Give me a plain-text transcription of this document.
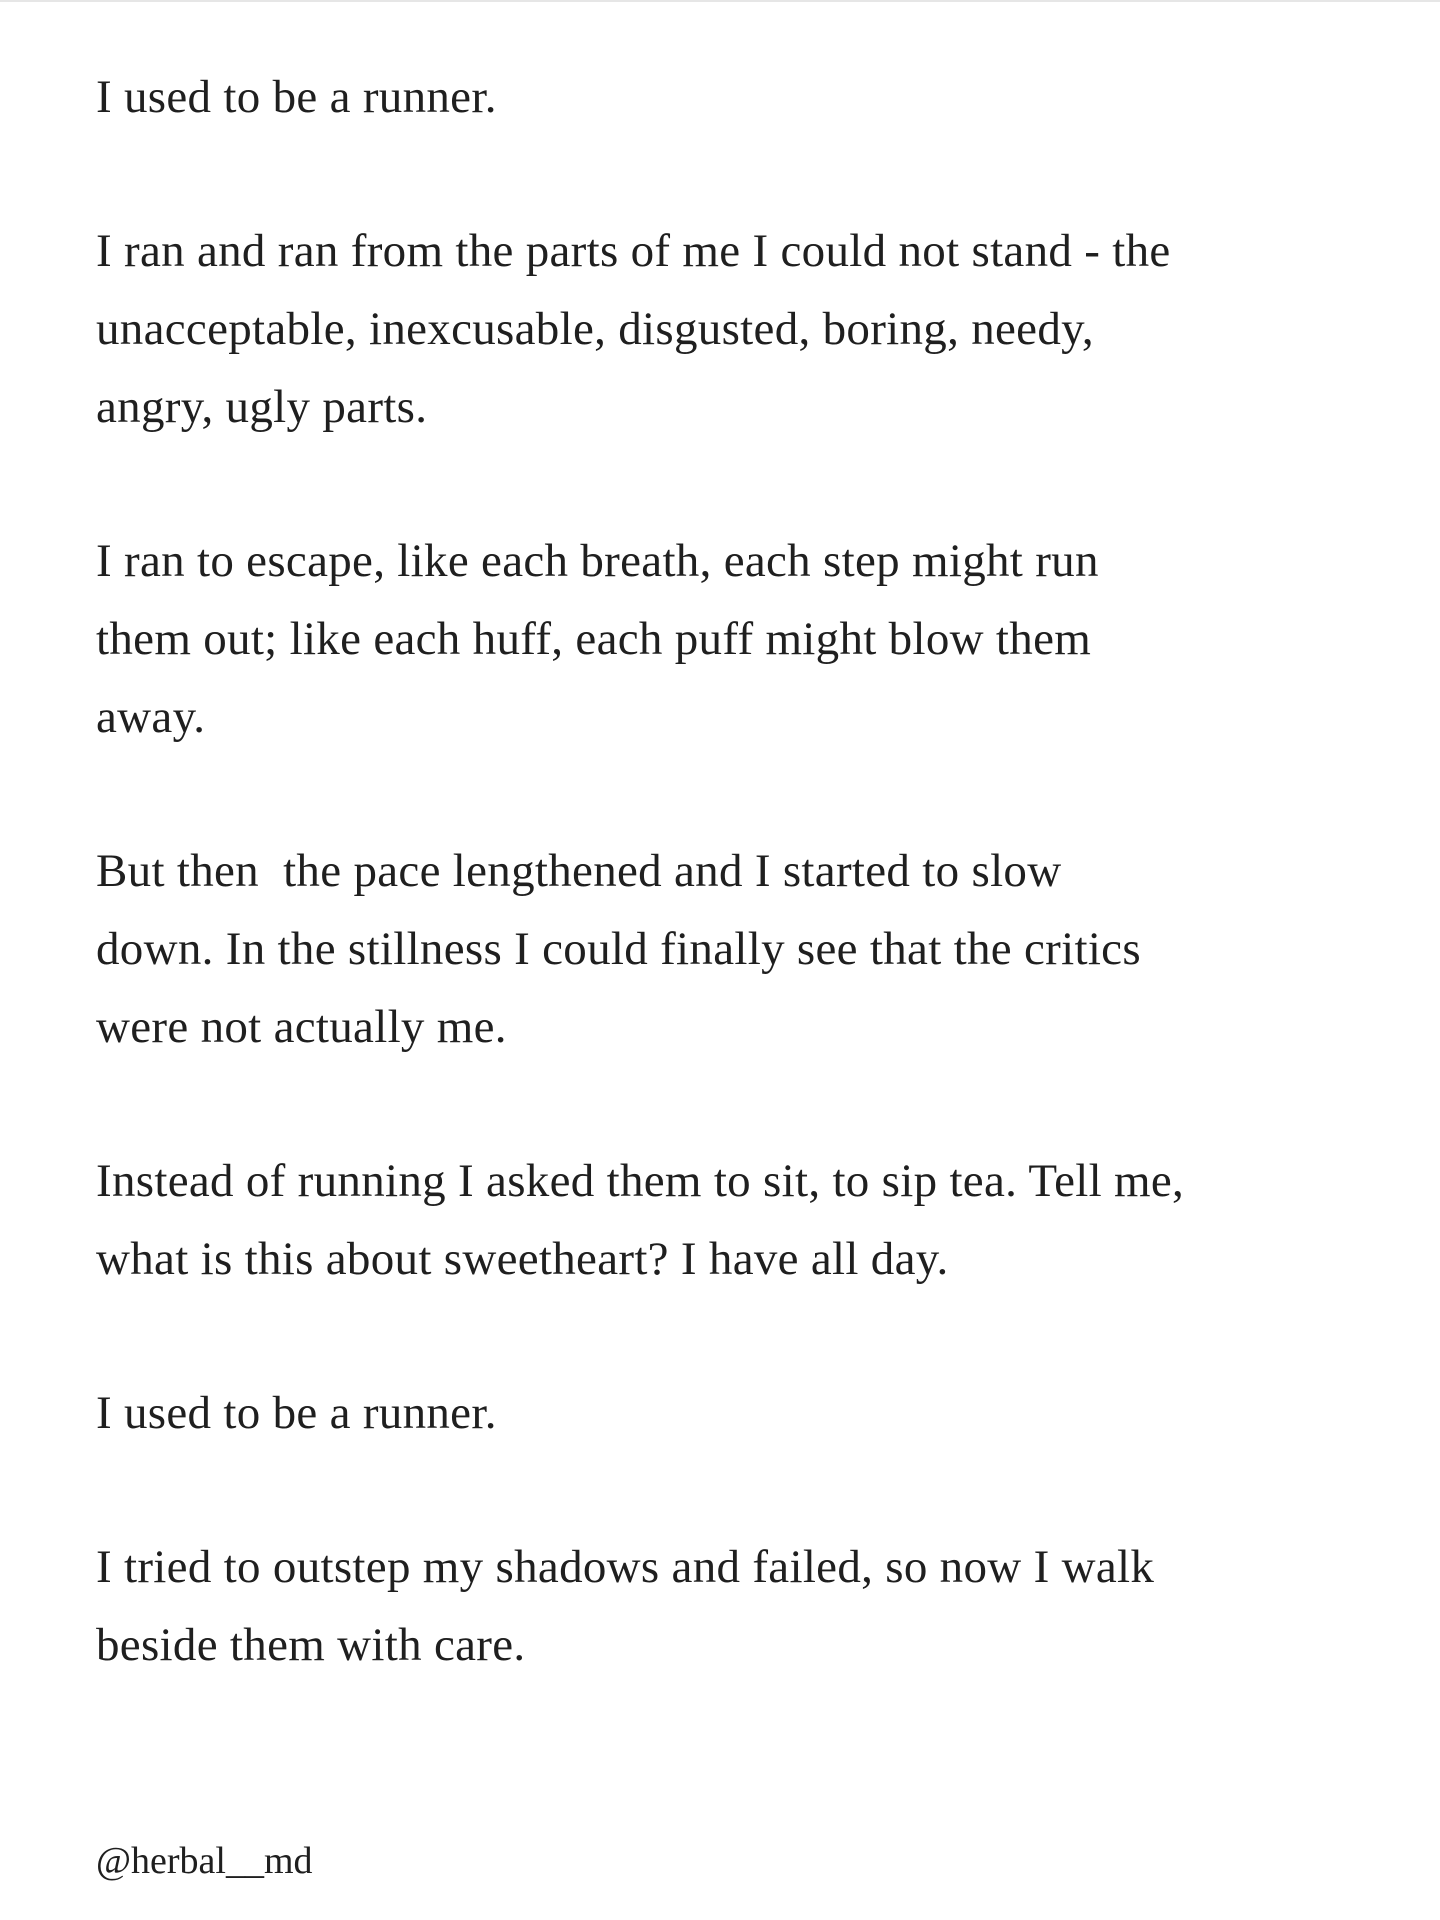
I used to be a runner.

I ran and ran from the parts of me I could not stand - the
unacceptable, inexcusable, disgusted, boring, needy,
angry, ugly parts.

I ran to escape, like each breath, each step might run
them out; like each huff, each puff might blow them
away.

But then  the pace lengthened and I started to slow
down. In the stillness I could finally see that the critics
were not actually me.

Instead of running I asked them to sit, to sip tea. Tell me,
what is this about sweetheart? I have all day.

I used to be a runner.

I tried to outstep my shadows and failed, so now I walk
beside them with care.

@herbal__md
